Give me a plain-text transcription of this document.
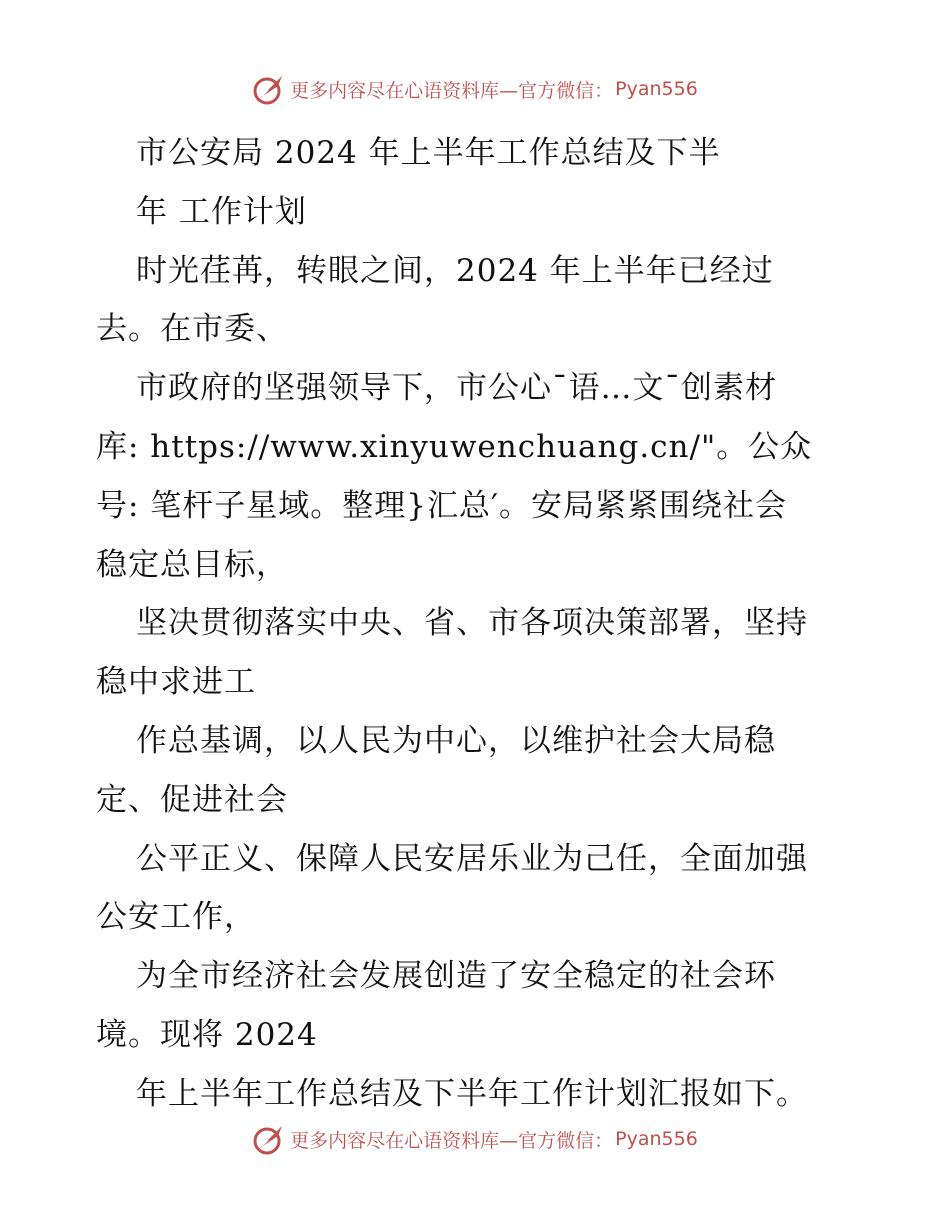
更多内容尽在心语资料库—官方微信： Pyan556

市公安局 2024 年上半年工作总结及下半

年 工作计划

时光荏苒，转眼之间，2024 年上半年已经过

去。在市委、

市政府的坚强领导下，市公心¯语…文¯创素材

库: https://www.xinyuwenchuang.cn/"。公众

号: 笔杆子星域。整理}汇总′。安局紧紧围绕社会

稳定总目标，

坚决贯彻落实中央、省、市各项决策部署，坚持

稳中求进工

作总基调，以人民为中心，以维护社会大局稳

定、促进社会

公平正义、保障人民安居乐业为己任，全面加强

公安工作，

为全市经济社会发展创造了安全稳定的社会环

境。现将 2024

年上半年工作总结及下半年工作计划汇报如下。

更多内容尽在心语资料库—官方微信： Pyan556
